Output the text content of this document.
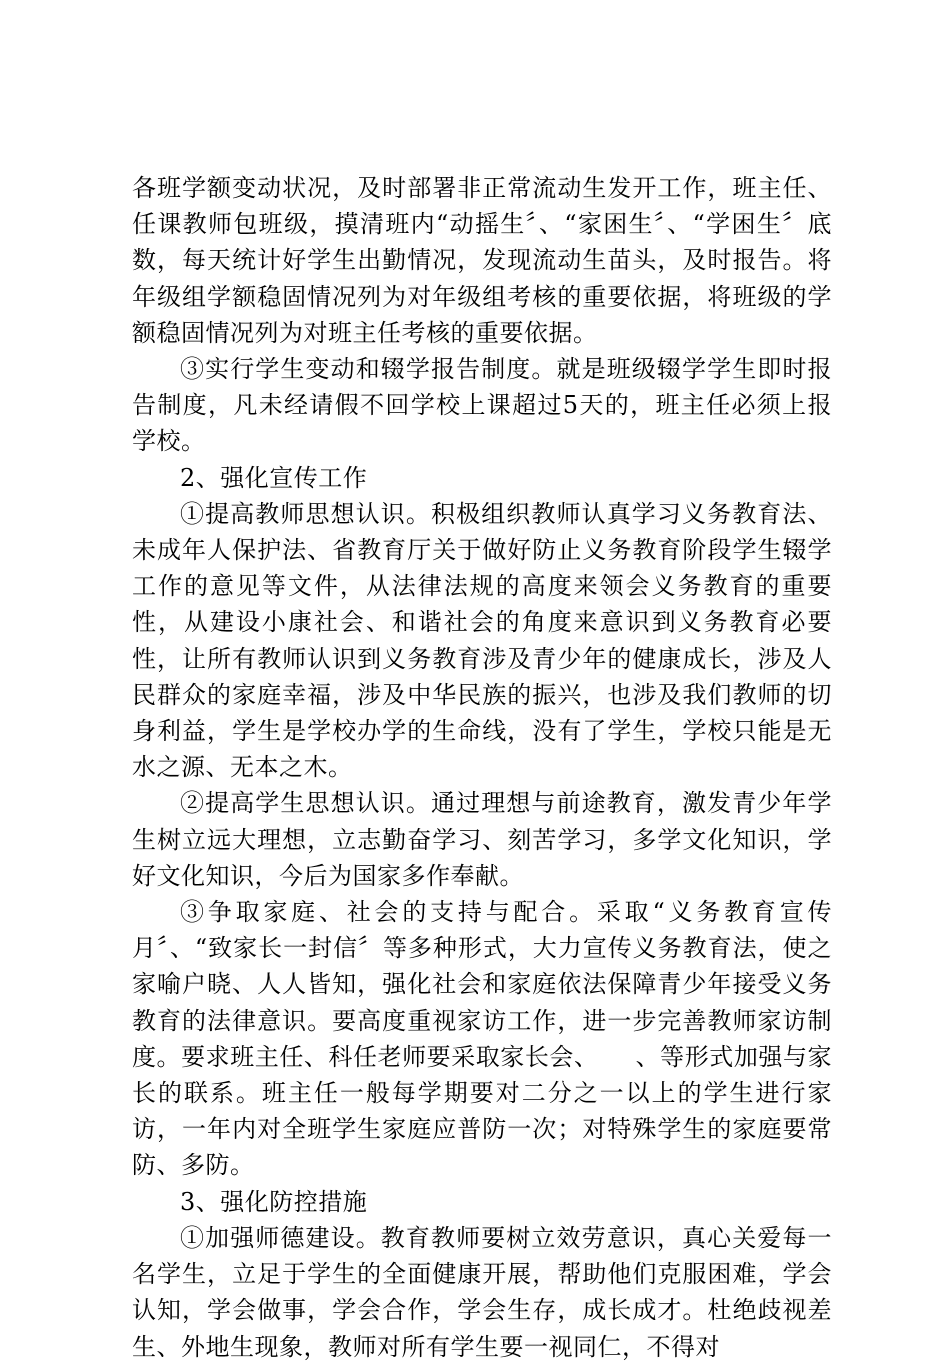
各班学额变动状况，及时部署非正常流动生发开工作，班主任、任课教师包班级，摸清班内“动摇生〞、“家困生〞、“学困生〞底数，每天统计好学生出勤情况，发现流动生苗头，及时报告。将年级组学额稳固情况列为对年级组考核的重要依据，将班级的学额稳固情况列为对班主任考核的重要依据。

③实行学生变动和辍学报告制度。就是班级辍学学生即时报告制度，凡未经请假不回学校上课超过5天的，班主任必须上报学校。

2、强化宣传工作

①提高教师思想认识。积极组织教师认真学习义务教育法、未成年人保护法、省教育厅关于做好防止义务教育阶段学生辍学工作的意见等文件，从法律法规的高度来领会义务教育的重要性，从建设小康社会、和谐社会的角度来意识到义务教育必要性，让所有教师认识到义务教育涉及青少年的健康成长，涉及人民群众的家庭幸福，涉及中华民族的振兴，也涉及我们教师的切身利益，学生是学校办学的生命线，没有了学生，学校只能是无水之源、无本之木。

②提高学生思想认识。通过理想与前途教育，激发青少年学生树立远大理想，立志勤奋学习、刻苦学习，多学文化知识，学好文化知识，今后为国家多作奉献。

③争取家庭、社会的支持与配合。采取“义务教育宣传月〞、“致家长一封信〞等多种形式，大力宣传义务教育法，使之家喻户晓、人人皆知，强化社会和家庭依法保障青少年接受义务教育的法律意识。要高度重视家访工作，进一步完善教师家访制度。要求班主任、科任老师要采取家长会、　　、等形式加强与家长的联系。班主任一般每学期要对二分之一以上的学生进行家访，一年内对全班学生家庭应普防一次；对特殊学生的家庭要常防、多防。

3、强化防控措施

①加强师德建设。教育教师要树立效劳意识，真心关爱每一名学生，立足于学生的全面健康开展，帮助他们克服困难，学会认知，学会做事，学会合作，学会生存，成长成才。杜绝歧视差生、外地生现象，教师对所有学生要一视同仁，不得对
